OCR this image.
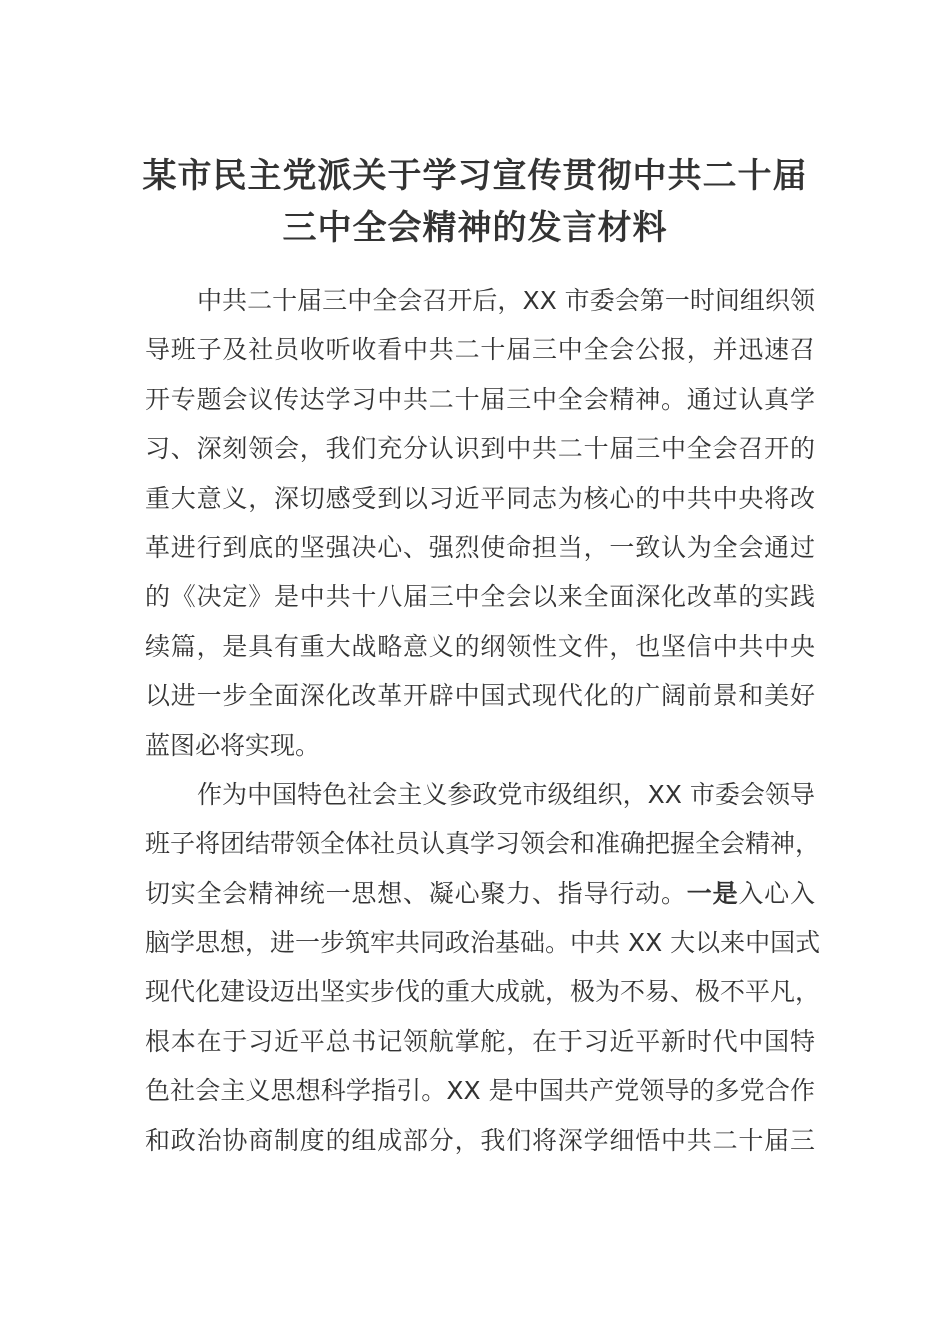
某市民主党派关于学习宣传贯彻中共二十届
三中全会精神的发言材料
中共二十届三中全会召开后，XX 市委会第一时间组织领
导班子及社员收听收看中共二十届三中全会公报，并迅速召
开专题会议传达学习中共二十届三中全会精神。通过认真学
习、深刻领会，我们充分认识到中共二十届三中全会召开的
重大意义，深切感受到以习近平同志为核心的中共中央将改
革进行到底的坚强决心、强烈使命担当，一致认为全会通过
的《决定》是中共十八届三中全会以来全面深化改革的实践
续篇，是具有重大战略意义的纲领性文件，也坚信中共中央
以进一步全面深化改革开辟中国式现代化的广阔前景和美好
蓝图必将实现。
作为中国特色社会主义参政党市级组织，XX 市委会领导
班子将团结带领全体社员认真学习领会和准确把握全会精神，
切实全会精神统一思想、凝心聚力、指导行动。一是入心入
脑学思想，进一步筑牢共同政治基础。中共 XX 大以来中国式
现代化建设迈出坚实步伐的重大成就，极为不易、极不平凡，
根本在于习近平总书记领航掌舵，在于习近平新时代中国特
色社会主义思想科学指引。XX 是中国共产党领导的多党合作
和政治协商制度的组成部分，我们将深学细悟中共二十届三
